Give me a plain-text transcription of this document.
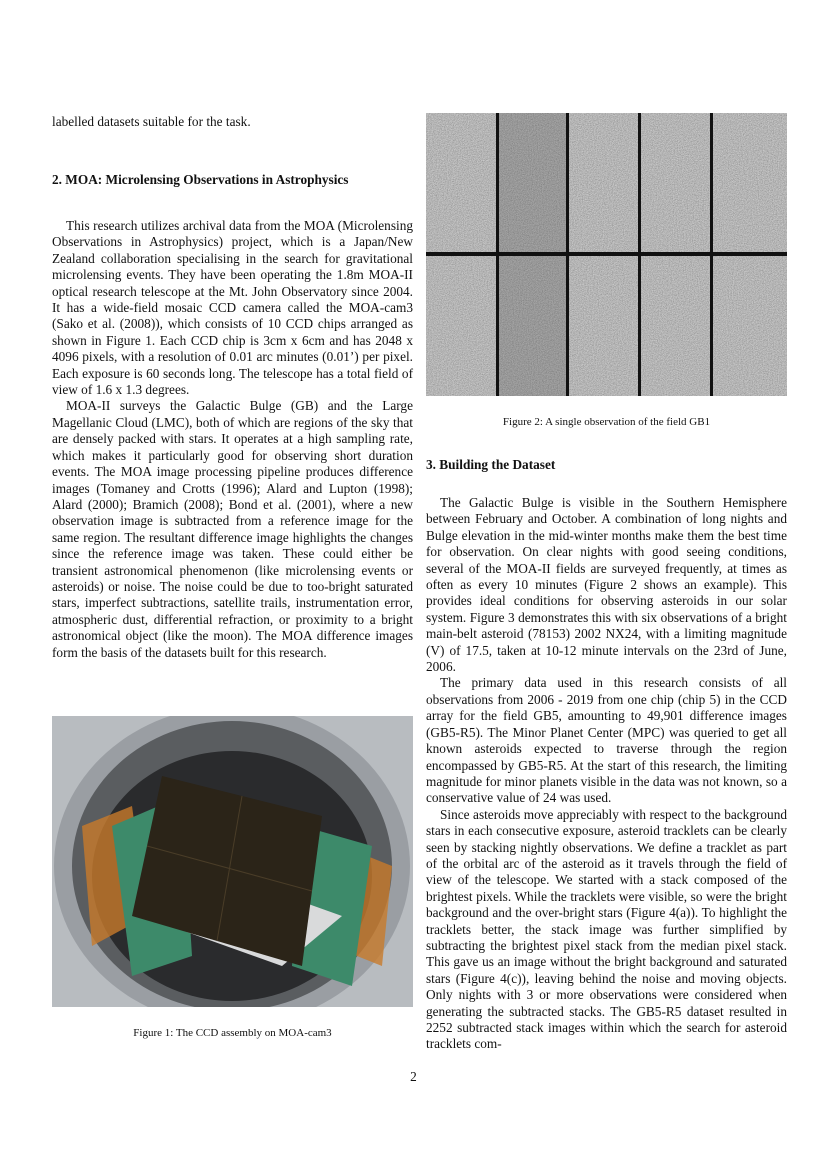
labelled datasets suitable for the task.

2. MOA: Microlensing Observations in Astrophysics

This research utilizes archival data from the MOA (Microlensing Observations in Astrophysics) project, which is a Japan/New Zealand collaboration specialising in the search for gravitational microlensing events. They have been operating the 1.8m MOA-II optical research telescope at the Mt. John Observatory since 2004. It has a wide-field mosaic CCD camera called the MOA-cam3 (Sako et al. (2008)), which consists of 10 CCD chips arranged as shown in Figure 1. Each CCD chip is 3cm x 6cm and has 2048 x 4096 pixels, with a resolution of 0.01 arc minutes (0.01’) per pixel. Each exposure is 60 seconds long. The telescope has a total field of view of 1.6 x 1.3 degrees.

MOA-II surveys the Galactic Bulge (GB) and the Large Magellanic Cloud (LMC), both of which are regions of the sky that are densely packed with stars. It operates at a high sampling rate, which makes it particularly good for observing short duration events. The MOA image processing pipeline produces difference images (Tomaney and Crotts (1996); Alard and Lupton (1998); Alard (2000); Bramich (2008); Bond et al. (2001), where a new observation image is subtracted from a reference image for the same region. The resultant difference image highlights the changes since the reference image was taken. These could either be transient astronomical phenomenon (like microlensing events or asteroids) or noise. The noise could be due to too-bright saturated stars, imperfect subtractions, satellite trails, instrumentation error, atmospheric dust, differential refraction, or proximity to a bright astronomical object (like the moon). The MOA difference images form the basis of the datasets built for this research.

Figure 1: The CCD assembly on MOA-cam3
Figure 2: A single observation of the field GB1
3. Building the Dataset

The Galactic Bulge is visible in the Southern Hemisphere between February and October. A combination of long nights and Bulge elevation in the mid-winter months make them the best time for observation. On clear nights with good seeing conditions, several of the MOA-II fields are surveyed frequently, at times as often as every 10 minutes (Figure 2 shows an example). This provides ideal conditions for observing asteroids in our solar system. Figure 3 demonstrates this with six observations of a bright main-belt asteroid (78153) 2002 NX24, with a limiting magnitude (V) of 17.5, taken at 10-12 minute intervals on the 23rd of June, 2006.

The primary data used in this research consists of all observations from 2006 - 2019 from one chip (chip 5) in the CCD array for the field GB5, amounting to 49,901 difference images (GB5-R5). The Minor Planet Center (MPC) was queried to get all known asteroids expected to traverse through the region encompassed by GB5-R5. At the start of this research, the limiting magnitude for minor planets visible in the data was not known, so a conservative value of 24 was used.

Since asteroids move appreciably with respect to the background stars in each consecutive exposure, asteroid tracklets can be clearly seen by stacking nightly observations. We define a tracklet as part of the orbital arc of the asteroid as it travels through the field of view of the telescope. We started with a stack composed of the brightest pixels. While the tracklets were visible, so were the bright background and the over-bright stars (Figure 4(a)). To highlight the tracklets better, the stack image was further simplified by subtracting the brightest pixel stack from the median pixel stack. This gave us an image without the bright background and saturated stars (Figure 4(c)), leaving behind the noise and moving objects. Only nights with 3 or more observations were considered when generating the subtracted stacks. The GB5-R5 dataset resulted in 2252 subtracted stack images within which the search for asteroid tracklets com-

2
